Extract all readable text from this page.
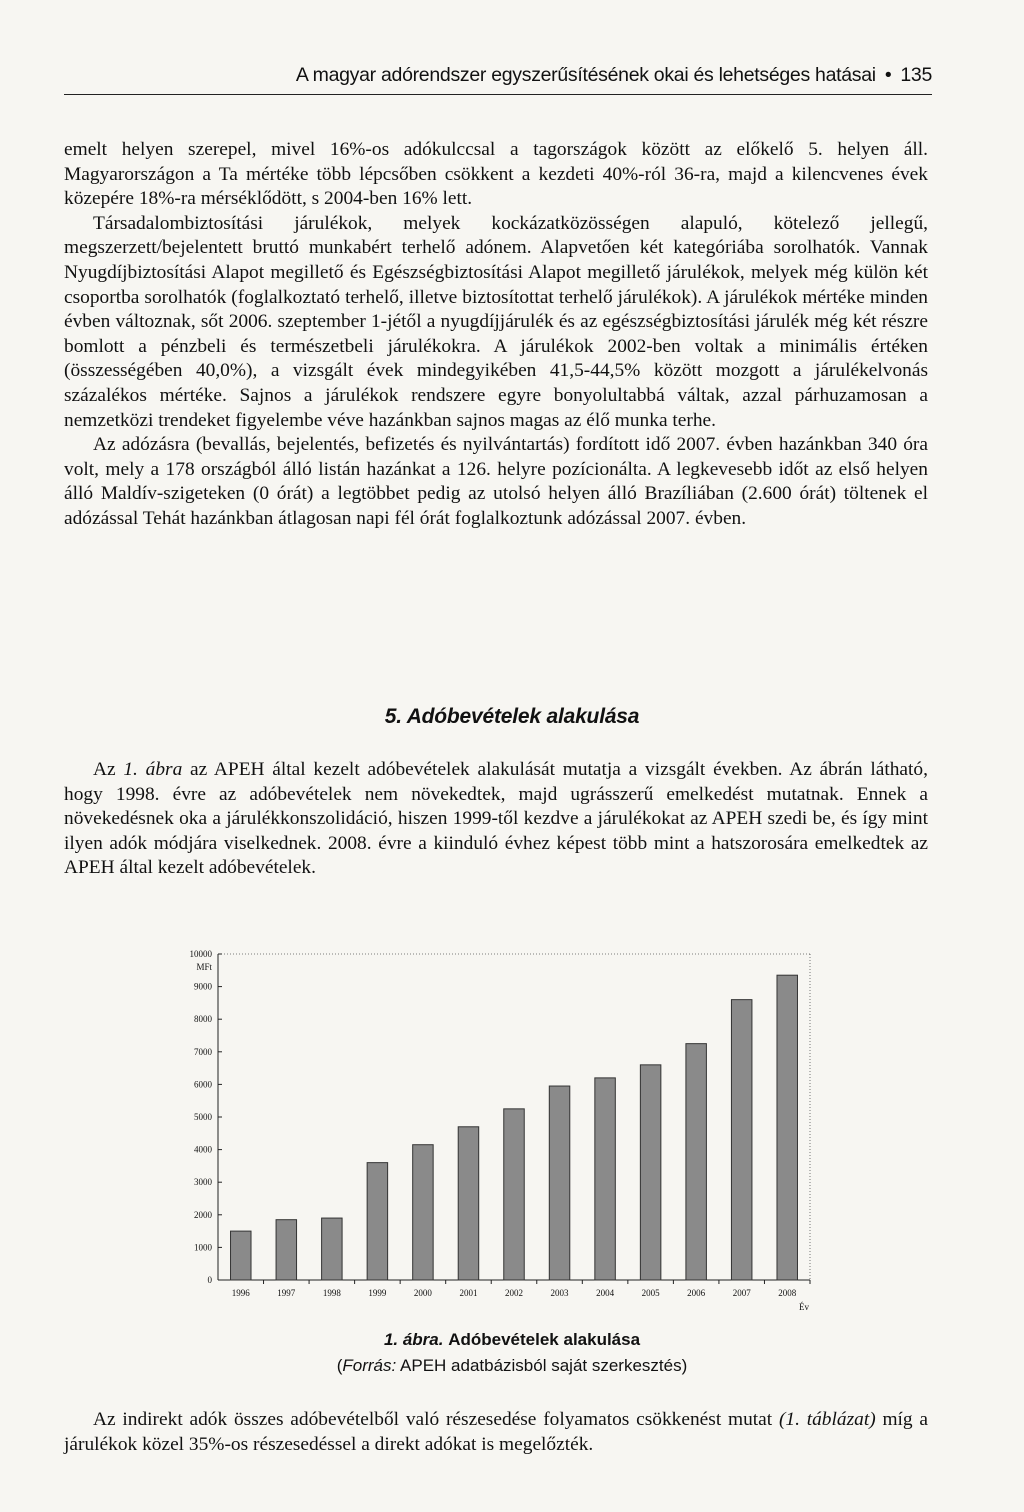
A magyar adórendszer egyszerűsítésének okai és lehetséges hatásai • 135

emelt helyen szerepel, mivel 16%-os adókulccsal a tagországok között az előkelő 5. helyen áll. Magyarországon a Ta mértéke több lépcsőben csökkent a kezdeti 40%-ról 36-ra, majd a kilencvenes évek közepére 18%-ra mérséklődött, s 2004-ben 16% lett.

Társadalombiztosítási járulékok, melyek kockázatközösségen alapuló, kötelező jellegű, megszerzett/bejelentett bruttó munkabért terhelő adónem. Alapvetően két kategóriába sorolhatók. Vannak Nyugdíjbiztosítási Alapot megillető és Egészségbiztosítási Alapot megillető járulékok, melyek még külön két csoportba sorolhatók (foglalkoztató terhelő, illetve biztosítottat terhelő járulékok). A járulékok mértéke minden évben változnak, sőt 2006. szeptember 1-jétől a nyugdíjjárulék és az egészségbiztosítási járulék még két részre bomlott a pénzbeli és természetbeli járulékokra. A járulékok 2002-ben voltak a minimális értéken (összességében 40,0%), a vizsgált évek mindegyikében 41,5-44,5% között mozgott a járulékelvonás százalékos mértéke. Sajnos a járulékok rendszere egyre bonyolultabbá váltak, azzal párhuzamosan a nemzetközi trendeket figyelembe véve hazánkban sajnos magas az élő munka terhe.

Az adózásra (bevallás, bejelentés, befizetés és nyilvántartás) fordított idő 2007. évben hazánkban 340 óra volt, mely a 178 országból álló listán hazánkat a 126. helyre pozícionálta. A legkevesebb időt az első helyen álló Maldív-szigeteken (0 órát) a legtöbbet pedig az utolsó helyen álló Brazíliában (2.600 órát) töltenek el adózással Tehát hazánkban átlagosan napi fél órát foglalkoztunk adózással 2007. évben.

5. Adóbevételek alakulása

Az 1. ábra az APEH által kezelt adóbevételek alakulását mutatja a vizsgált években. Az ábrán látható, hogy 1998. évre az adóbevételek nem növekedtek, majd ugrásszerű emelkedést mutatnak. Ennek a növekedésnek oka a járulékkonszolidáció, hiszen 1999-től kezdve a járulékokat az APEH szedi be, és így mint ilyen adók módjára viselkednek. 2008. évre a kiinduló évhez képest több mint a hatszorosára emelkedtek az APEH által kezelt adóbevételek.

0
1000
2000
3000
4000
5000
6000
7000
8000
9000
10000
MFt
1996	1997	1998	1999	2000	2001	2002	2003	2004	2005	2006	2007	2008
Év
1. ábra. Adóbevételek alakulása
(Forrás: APEH adatbázisból saját szerkesztés)

Az indirekt adók összes adóbevételből való részesedése folyamatos csökkenést mutat (1. táblázat) míg a járulékok közel 35%-os részesedéssel a direkt adókat is megelőzték.
